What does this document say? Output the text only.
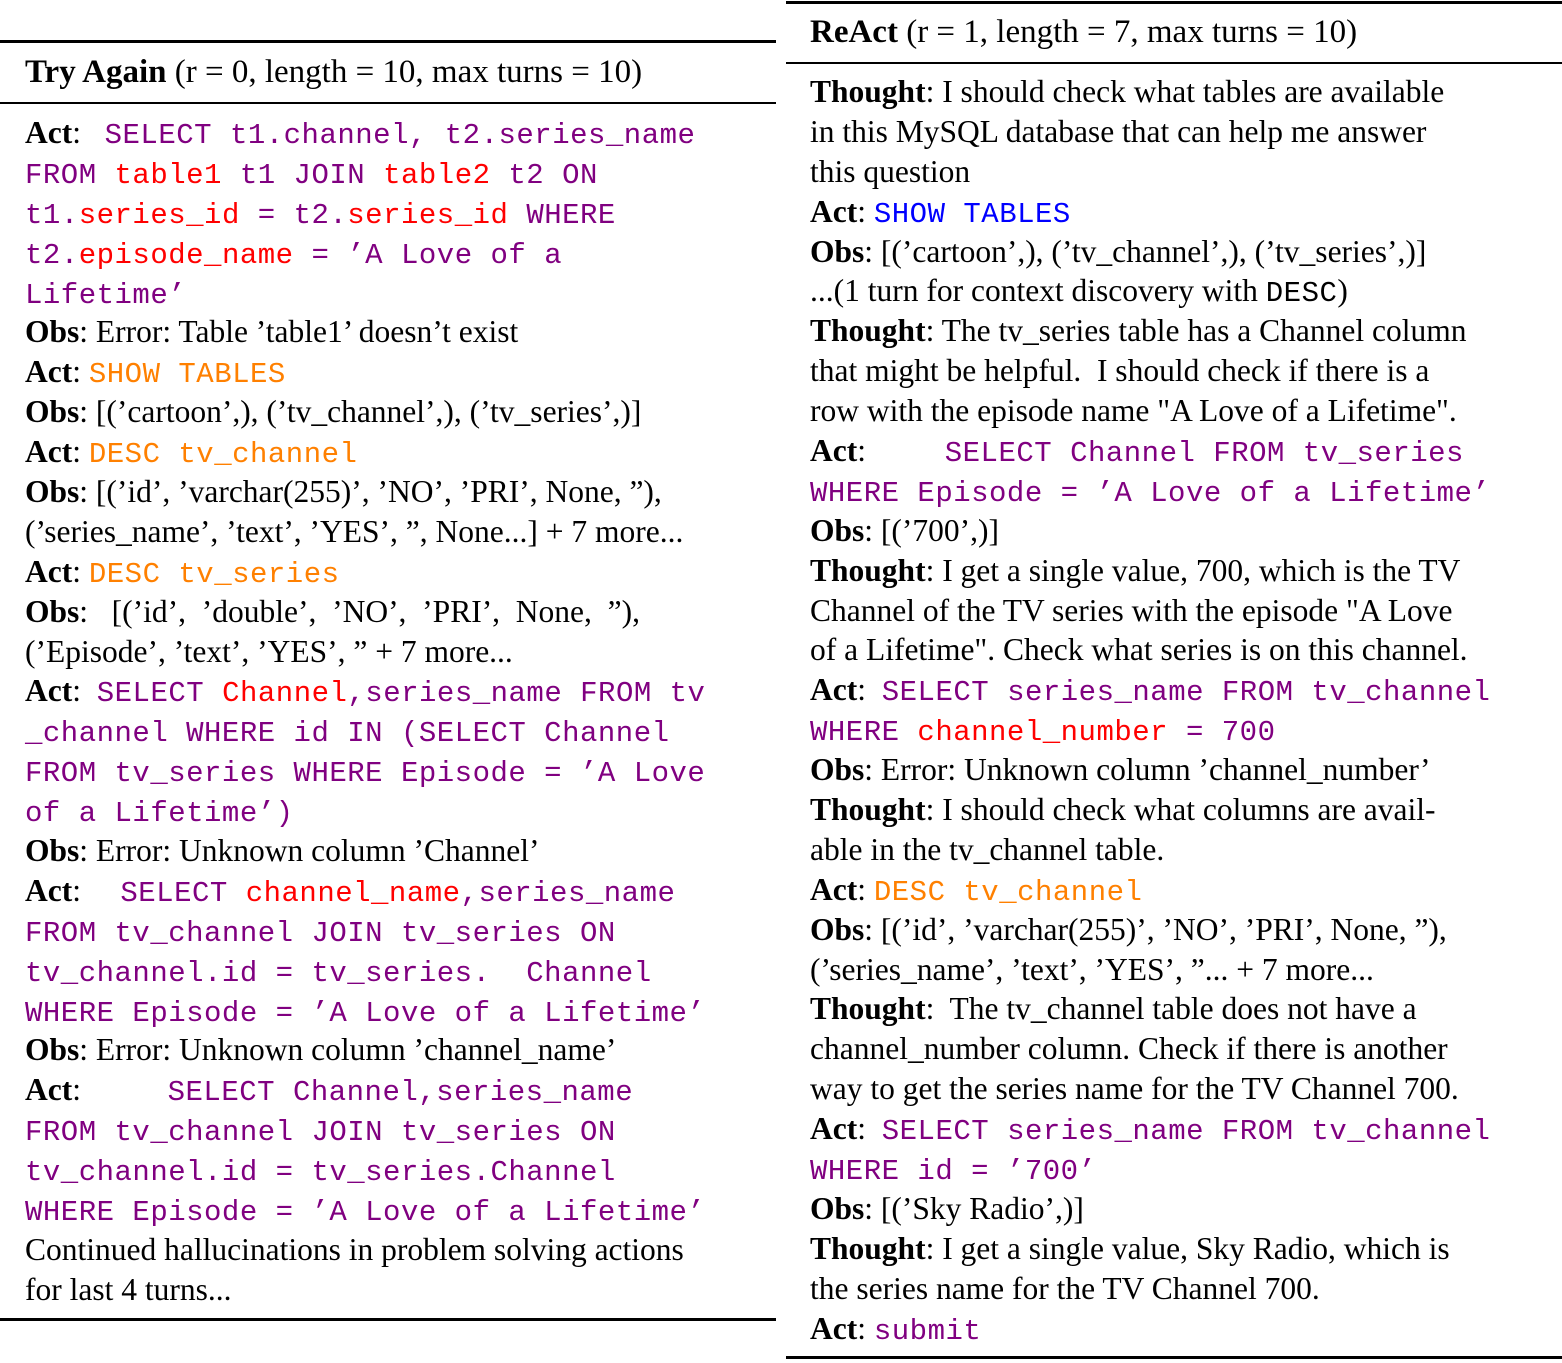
Try Again (r = 0, length = 10, max turns = 10)
Act:   SELECT t1.channel, t2.series_name
FROM table1 t1 JOIN table2 t2 ON
t1.series_id = t2.series_id WHERE
t2.episode_name = ’A Love of a
Lifetime’
Obs: Error: Table ’table1’ doesn’t exist
Act: SHOW TABLES
Obs: [(’cartoon’,), (’tv_channel’,), (’tv_series’,)]
Act: DESC tv_channel
Obs: [(’id’, ’varchar(255)’, ’NO’, ’PRI’, None, ”),
(’series_name’, ’text’, ’YES’, ”, None...] + 7 more...
Act: DESC tv_series
Obs:   [(’id’,  ’double’,  ’NO’,  ’PRI’,  None,  ”),
(’Episode’, ’text’, ’YES’, ” + 7 more...
Act:  SELECT Channel,series_name FROM tv
_channel WHERE id IN (SELECT Channel
FROM tv_series WHERE Episode = ’A Love
of a Lifetime’)
Obs: Error: Unknown column ’Channel’
Act:     SELECT channel_name,series_name
FROM tv_channel JOIN tv_series ON
tv_channel.id = tv_series.  Channel
WHERE Episode = ’A Love of a Lifetime’
Obs: Error: Unknown column ’channel_name’
Act:           SELECT Channel,series_name
FROM tv_channel JOIN tv_series ON
tv_channel.id = tv_series.Channel
WHERE Episode = ’A Love of a Lifetime’
Continued hallucinations in problem solving actions
for last 4 turns...
ReAct (r = 1, length = 7, max turns = 10)
Thought: I should check what tables are available
in this MySQL database that can help me answer
this question
Act: SHOW TABLES
Obs: [(’cartoon’,), (’tv_channel’,), (’tv_series’,)]
...(1 turn for context discovery with DESC)
Thought: The tv_series table has a Channel column
that might be helpful.  I should check if there is a
row with the episode name "A Love of a Lifetime".
Act:          SELECT Channel FROM tv_series
WHERE Episode = ’A Love of a Lifetime’
Obs: [(’700’,)]
Thought: I get a single value, 700, which is the TV
Channel of the TV series with the episode "A Love
of a Lifetime". Check what series is on this channel.
Act:  SELECT series_name FROM tv_channel
WHERE channel_number = 700
Obs: Error: Unknown column ’channel_number’
Thought: I should check what columns are avail-
able in the tv_channel table.
Act: DESC tv_channel
Obs: [(’id’, ’varchar(255)’, ’NO’, ’PRI’, None, ”),
(’series_name’, ’text’, ’YES’, ”... + 7 more...
Thought:  The tv_channel table does not have a
channel_number column. Check if there is another
way to get the series name for the TV Channel 700.
Act:  SELECT series_name FROM tv_channel
WHERE id = ’700’
Obs: [(’Sky Radio’,)]
Thought: I get a single value, Sky Radio, which is
the series name for the TV Channel 700.
Act: submit
